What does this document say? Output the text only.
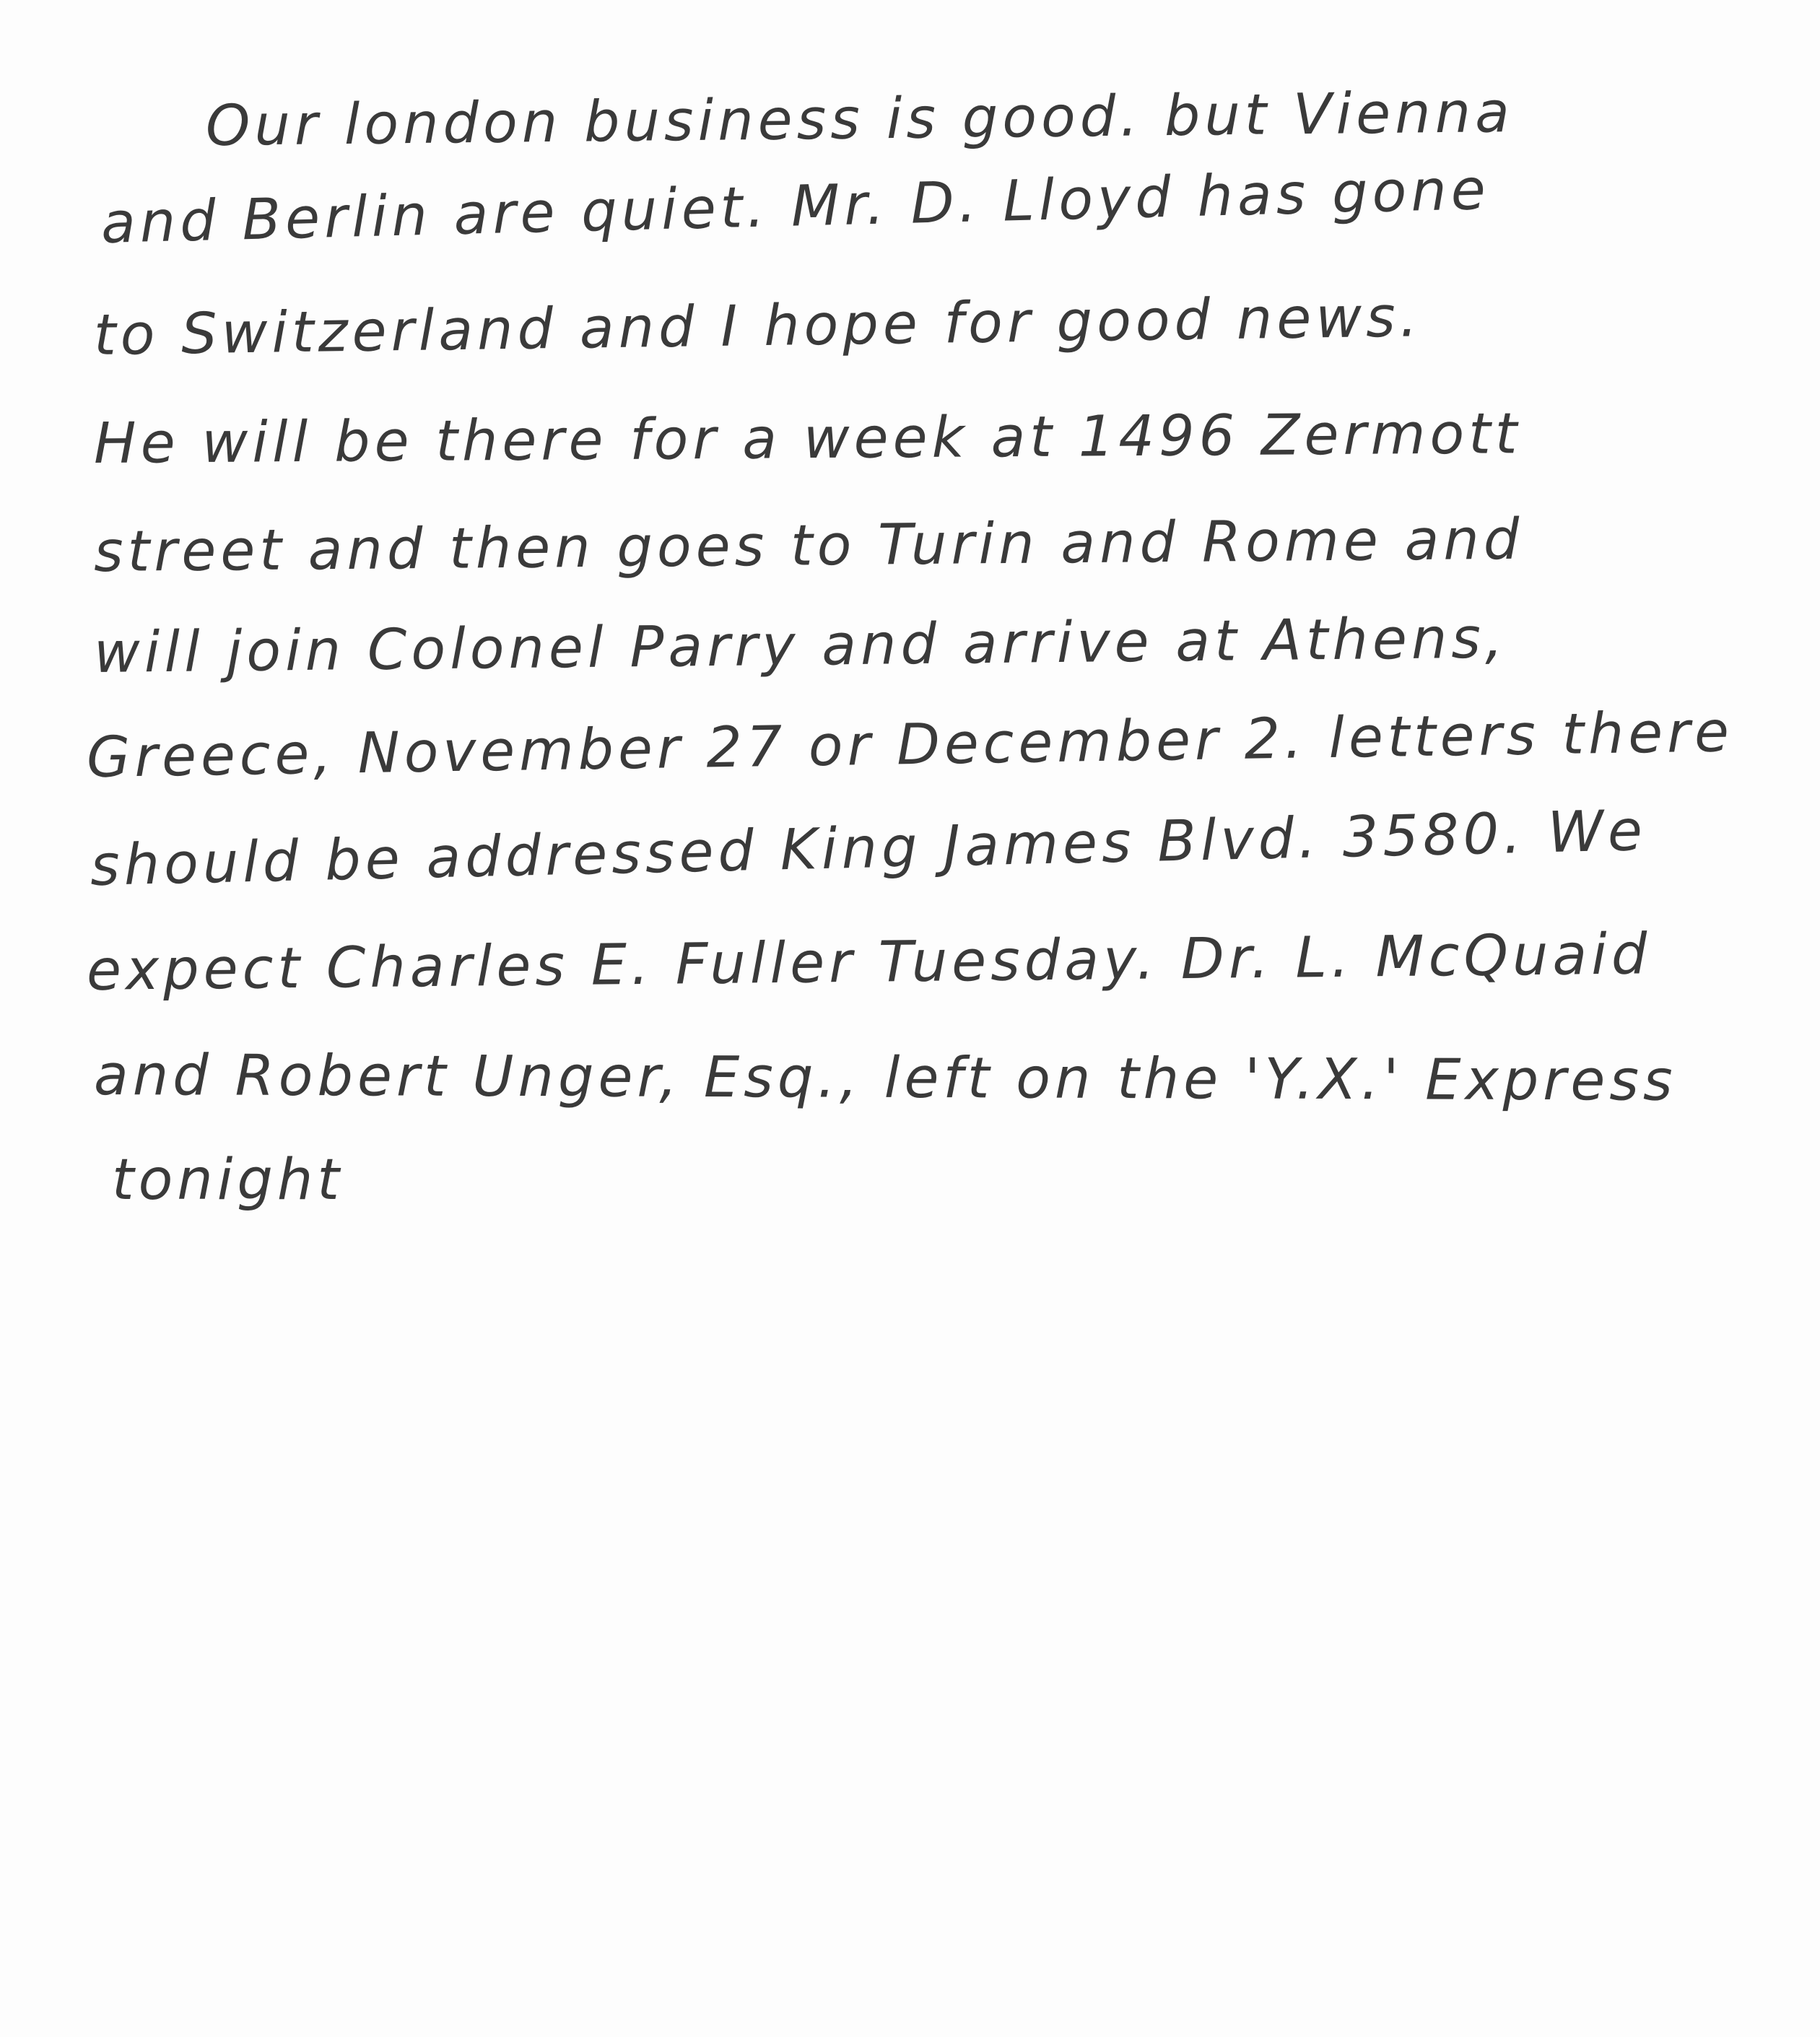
Our london business is good. but Vienna
and Berlin are quiet. Mr. D. Lloyd has gone
to Switzerland and I hope for good news.
He will be there for a week at 1496 Zermott
street and then goes to Turin and Rome and
will join Colonel Parry and arrive at Athens,
Greece, November 27 or December 2. letters there
should be addressed King James Blvd. 3580. We
expect Charles E. Fuller Tuesday. Dr. L. McQuaid
and Robert Unger, Esq., left on the 'Y.X.' Express
tonight
